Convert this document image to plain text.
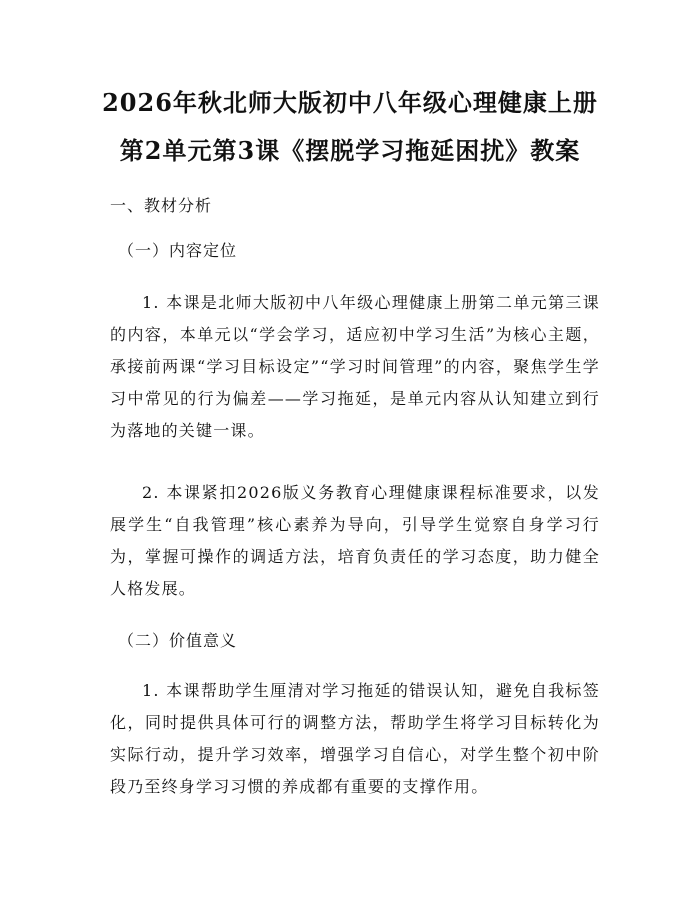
2026年秋北师大版初中八年级心理健康上册
第2单元第3课《摆脱学习拖延困扰》教案
一、教材分析
（一）内容定位

1. 本课是北师大版初中八年级心理健康上册第二单元第三课的内容，本单元以“学会学习，适应初中学习生活”为核心主题，承接前两课“学习目标设定”“学习时间管理”的内容，聚焦学生学习中常见的行为偏差——学习拖延，是单元内容从认知建立到行为落地的关键一课。

2. 本课紧扣2026版义务教育心理健康课程标准要求，以发展学生“自我管理”核心素养为导向，引导学生觉察自身学习行为，掌握可操作的调适方法，培育负责任的学习态度，助力健全人格发展。

（二）价值意义

1. 本课帮助学生厘清对学习拖延的错误认知，避免自我标签化，同时提供具体可行的调整方法，帮助学生将学习目标转化为实际行动，提升学习效率，增强学习自信心，对学生整个初中阶段乃至终身学习习惯的养成都有重要的支撑作用。
